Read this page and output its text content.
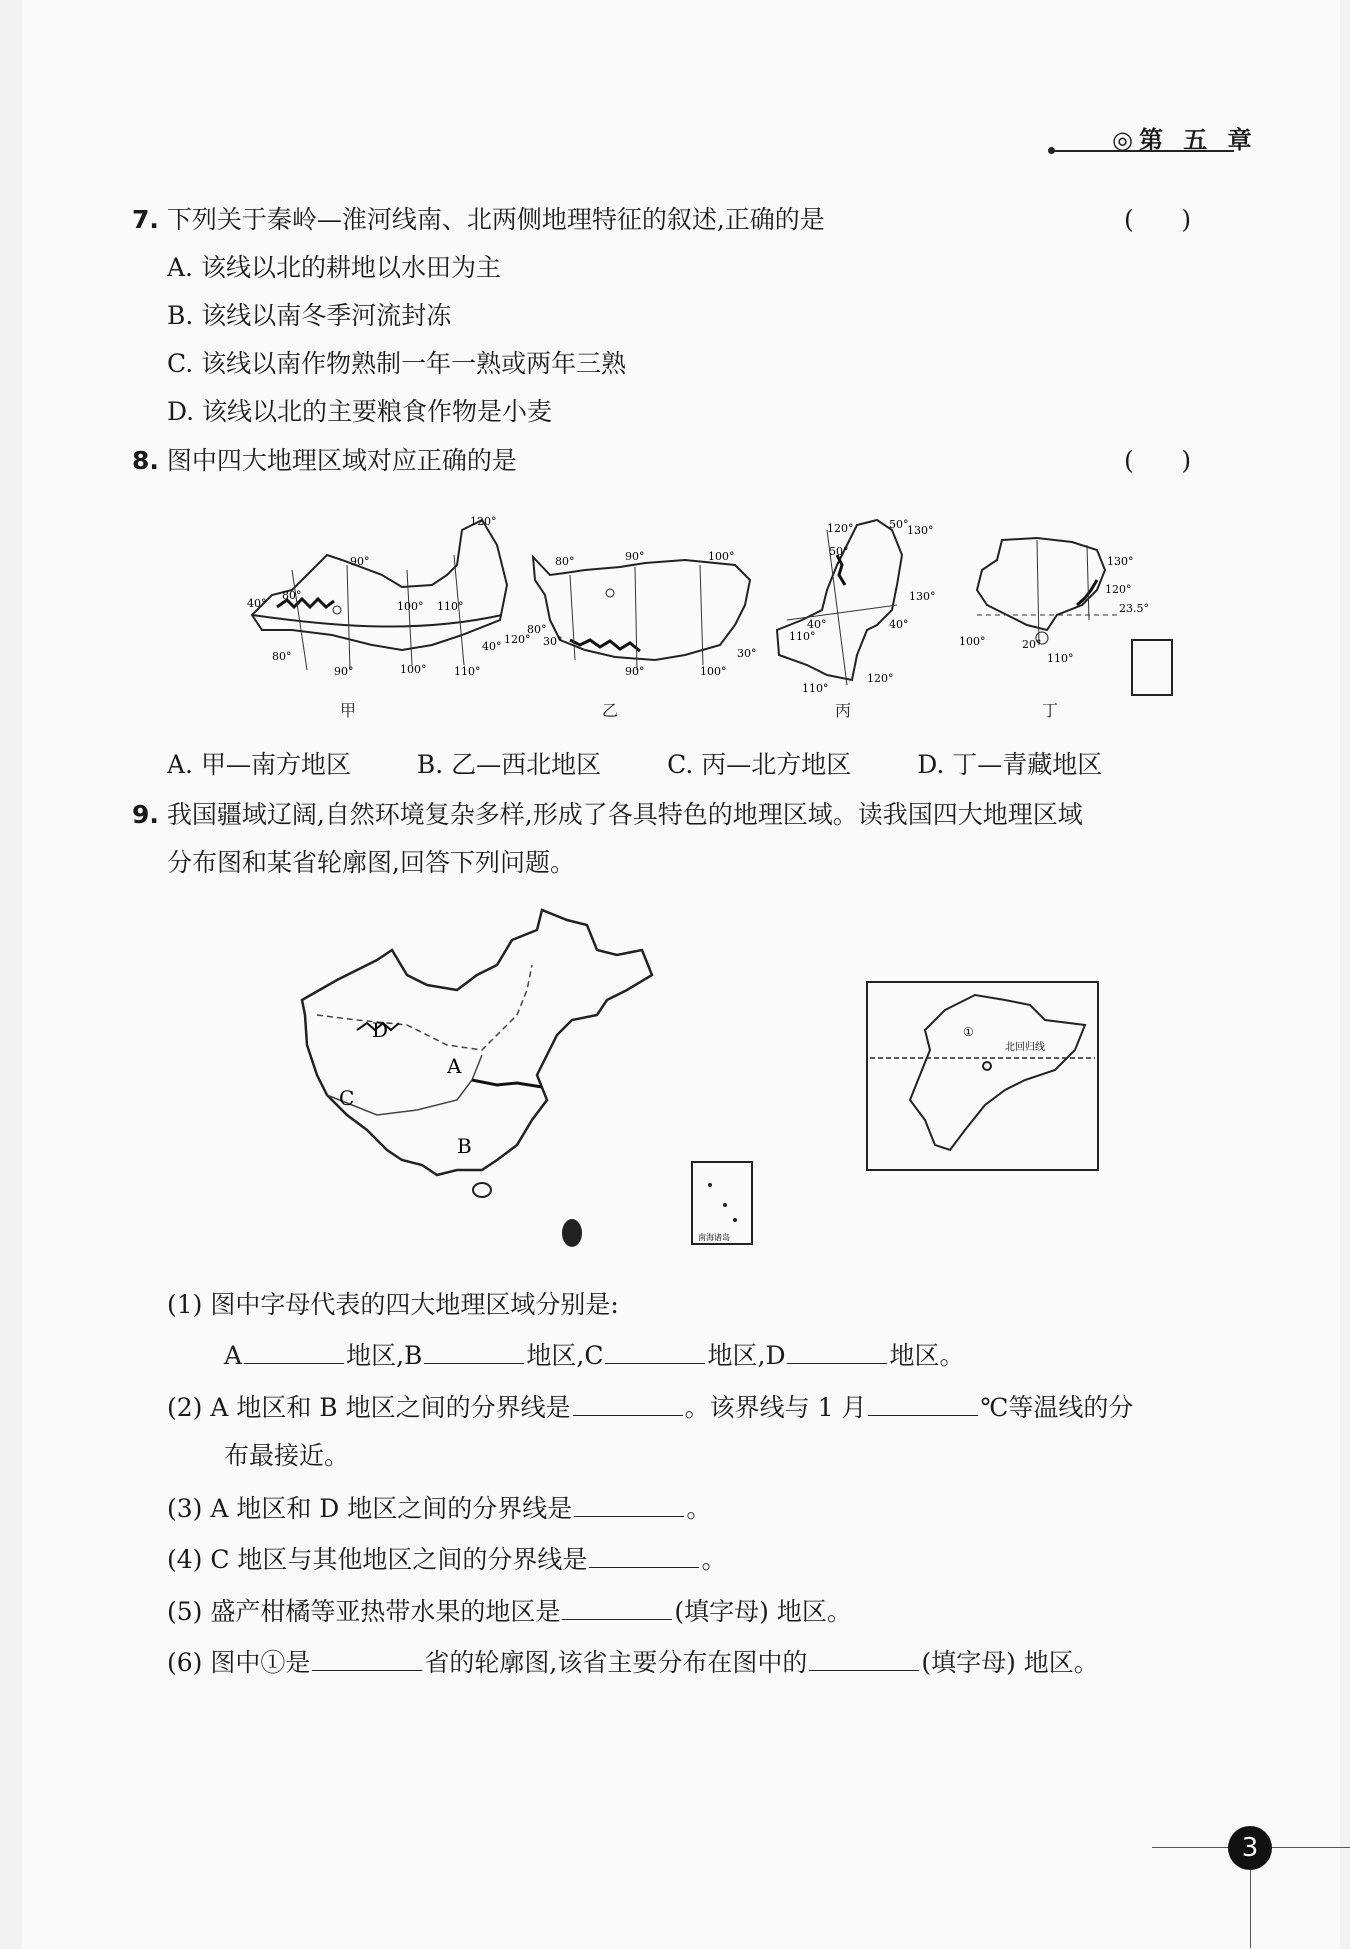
◎第 五 章
7. 下列关于秦岭—淮河线南、北两侧地理特征的叙述,正确的是	(      )
A. 该线以北的耕地以水田为主
B. 该线以南冬季河流封冻
C. 该线以南作物熟制一年一熟或两年三熟
D. 该线以北的主要粮食作物是小麦
8. 图中四大地理区域对应正确的是	(      )
120°
90°
80°
40°	100° 110°
40°
120°
80°
90°	100°	110°
甲
80°	90°	100°
80°
30°
90°	100°
30°
乙
120°
50°
50°
130°
130°
40°	40°
110°
110°
120°
丙
130°
120°
23.5°
100°	20°
110°
丁
A. 甲—南方地区	B. 乙—西北地区	C. 丙—北方地区	D. 丁—青藏地区
9. 我国疆域辽阔,自然环境复杂多样,形成了各具特色的地理区域。读我国四大地理区域
分布图和某省轮廓图,回答下列问题。
D
A
C
B
南海诸岛
①
北回归线
(1) 图中字母代表的四大地理区域分别是:
A	地区,B	地区,C	地区,D	地区。
(2) A 地区和 B 地区之间的分界线是	。该界线与 1 月	℃等温线的分
布最接近。
(3) A 地区和 D 地区之间的分界线是	。
(4) C 地区与其他地区之间的分界线是	。
(5) 盛产柑橘等亚热带水果的地区是	(填字母) 地区。
(6) 图中①是	省的轮廓图,该省主要分布在图中的	(填字母) 地区。
3
